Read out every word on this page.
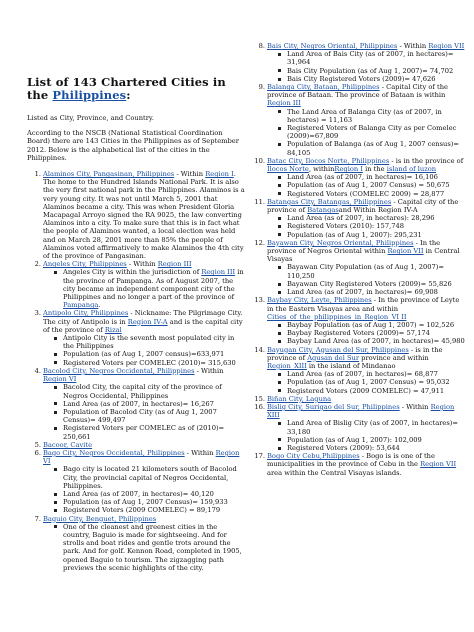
List of 143 Chartered Cities in the Philippines:

Listed as City, Province, and Country.

According to the NSCB (National Statistical Coordination Board) there are 143 Cities in the Philippines as of September 2012. Below is the alphabetical list of the cities in the Philippines.

1. Alaminos City, Pangasinan, Philippines - Within Region I. The home to the Hundred Islands National Park. It is also the very first national park in the Philippines. Alaminos is a very young city. It was not until March 5, 2001 that Alaminos became a city. This was when President Gloria Macapagal Arroyo signed the RA 9025, the law converting Alaminos into a city. To make sure that this is in fact what the people of Alaminos wanted, a local election was held and on March 28, 2001 more than 85% the people of Alaminos voted affirmatively to make Alaminos the 4th city of the province of Pangasinan.
2. Angeles City, Philippines - Within Region III
Angeles City is within the jurisdiction of Region III in the province of Pampanga. As of August 2007, the city became an independent component city of the Philippines and no longer a part of the province of Pampanga.
3. Antipolo City, Philippines - Nickname: The Pilgrimage City. The city of Antipolo is in Region IV-A and is the capital city of the province of Rizal
Antipolo City is the seventh most populated city in the Philippines
Population (as of Aug 1, 2007 census)=633,971
Registered Voters per COMELEC (2010)= 315,630
4. Bacolod City, Negros Occidental, Philippines - Within Region VI
Bacolod City, the capital city of the province of Negros Occidental, Philippines
Land Area (as of 2007, in hectares)= 16,267
Population of Bacolod City (as of Aug 1, 2007 Census)= 499,497
Registered Voters per COMELEC as of (2010)= 250,661
5. Bacoor, Cavite
6. Bago City, Negros Occidental, Philippines - Within Region VI
Bago city is located 21 kilometers south of Bacolod City, the provincial capital of Negros Occidental, Philippines.
Land Area (as of 2007, in hectares)= 40,120
Population (as of Aug 1, 2007 Census)= 159,933
Registered Voters (2009 COMELEC) = 89,179
7. Baguio City, Benguet, Philippines
One of the cleanest and greenest cities in the country, Baguio is made for sightseeing. And for strolls and boat rides and gentle trots around the park. And for golf. Kennon Road, completed in 1905, opened Baguio to tourism. The zigzagging path previews the scenic highlights of the city.
8. Bais City, Negros Oriental, Philippines - Within Region VII
Land Area of Bais City (as of 2007, in hectares)= 31,964
Bais City Population (as of Aug 1, 2007)= 74,702
Bais City Registered Voters (2009)= 47,626
9. Balanga City, Bataan, Philippines - Capital City of the province of Bataan. The province of Bataan is within Region III
The Land Area of Balanga City (as of 2007, in hectares) = 11,163
Registered Voters of Balanga City as per Comelec (2009)=67,809
Population of Balanga (as of Aug 1, 2007 census)= 84,105
10. Batac City, Ilocos Norte, Philippines - is in the province of Ilocos Norte, withinRegion I in the island of luzon
Land Area (as of 2007, in hectares)= 16,106
Population (as of Aug 1, 2007 Census) = 50,675
Registered Voters (COMELEC 2009) = 28,877
11. Batangas City, Batangas, Philippines - Capital city of the province of Batangasand Within Region IV-A
Land Area (as of 2007, in hectares): 28,296
Registered Voters (2010): 157,748
Population (as of Aug 1, 2007): 295,231
12. Bayawan City, Negros Oriental, Philippines - In the province of Negros Oriental within Region VII in Central Visayas
Bayawan City Population (as of Aug 1, 2007)= 110,250
Bayawan City Registered Voters (2009)= 55,826
Land Area (as of 2007, in hectares)= 69,908
13. Baybay City, Leyte, Philippines - In the province of Leyte in the Eastern Visayas area and within Cities_of_the_philippines_in_Region_VI II
Baybay Population (as of Aug 1, 2007) = 102,526
Baybay Registered Voters (2009)= 57,174
Baybay Land Area (as of 2007, in hectares)= 45,980
14. Bayugan City, Agusan del Sur, Philippines - is in the province of Agusan del Sur province and within Region_XIII in the island of Mindanao
Land Area (as of 2007, in hectares)= 68,877
Population (as of Aug 1, 2007 Census) = 95,032
Registered Voters (2009 COMELEC) = 47,911
15. Biñan City, Laguna
16. Bislig City, Surigao del Sur, Philippines - Within Region XIII
Land Area of Bislig City (as of 2007, in hectares)= 33,180
Population (as of Aug 1, 2007): 102,009
Registered Voters (2009): 53,644
17. Bogo City Cebu,Philippines - Bogo is is one of the municipalities in the province of Cebu in the Region VII area within the Central Visayas islands.
